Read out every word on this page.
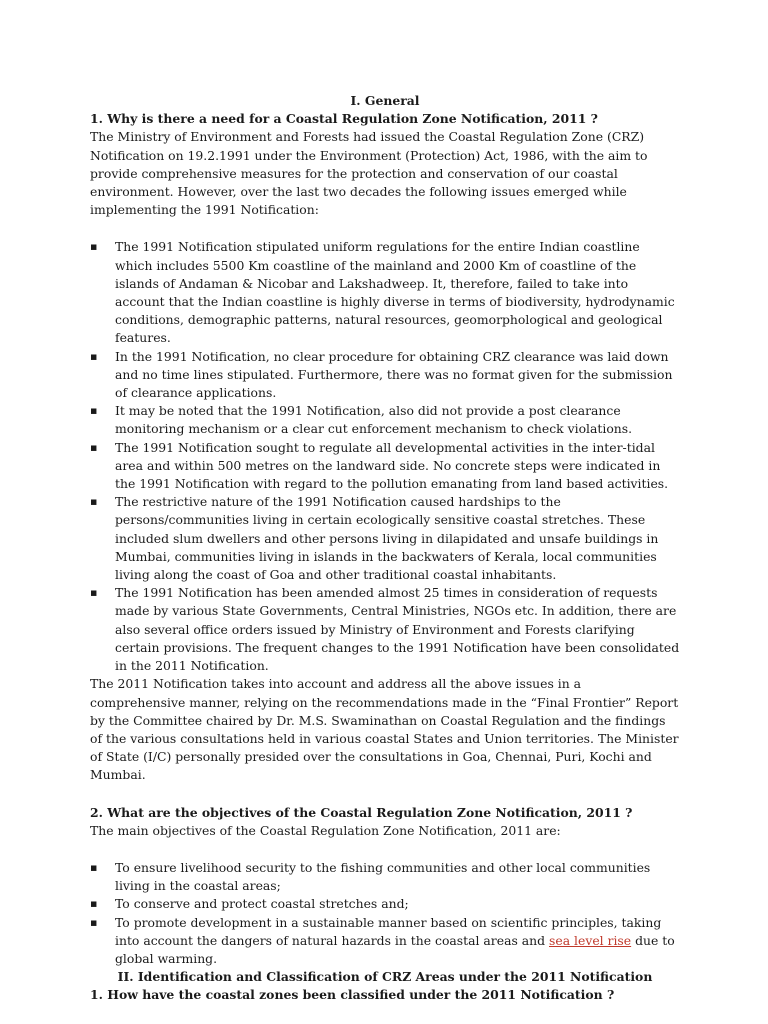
I. General

1. Why is there a need for a Coastal Regulation Zone Notification, 2011 ?

The Ministry of Environment and Forests had issued the Coastal Regulation Zone (CRZ) Notification on 19.2.1991 under the Environment (Protection) Act, 1986, with the aim to provide comprehensive measures for the protection and conservation of our coastal environment. However, over the last two decades the following issues emerged while implementing the 1991 Notification:

▪ The 1991 Notification stipulated uniform regulations for the entire Indian coastline which includes 5500 Km coastline of the mainland and 2000 Km of coastline of the islands of Andaman & Nicobar and Lakshadweep. It, therefore, failed to take into account that the Indian coastline is highly diverse in terms of biodiversity, hydrodynamic conditions, demographic patterns, natural resources, geomorphological and geological features.
▪ In the 1991 Notification, no clear procedure for obtaining CRZ clearance was laid down and no time lines stipulated. Furthermore, there was no format given for the submission of clearance applications.
▪ It may be noted that the 1991 Notification, also did not provide a post clearance monitoring mechanism or a clear cut enforcement mechanism to check violations.
▪ The 1991 Notification sought to regulate all developmental activities in the inter-tidal area and within 500 metres on the landward side. No concrete steps were indicated in the 1991 Notification with regard to the pollution emanating from land based activities.
▪ The restrictive nature of the 1991 Notification caused hardships to the persons/communities living in certain ecologically sensitive coastal stretches. These included slum dwellers and other persons living in dilapidated and unsafe buildings in Mumbai, communities living in islands in the backwaters of Kerala, local communities living along the coast of Goa and other traditional coastal inhabitants.
▪ The 1991 Notification has been amended almost 25 times in consideration of requests made by various State Governments, Central Ministries, NGOs etc. In addition, there are also several office orders issued by Ministry of Environment and Forests clarifying certain provisions. The frequent changes to the 1991 Notification have been consolidated in the 2011 Notification.

The 2011 Notification takes into account and address all the above issues in a comprehensive manner, relying on the recommendations made in the “Final Frontier” Report by the Committee chaired by Dr. M.S. Swaminathan on Coastal Regulation and the findings of the various consultations held in various coastal States and Union territories. The Minister of State (I/C) personally presided over the consultations in Goa, Chennai, Puri, Kochi and Mumbai.

2. What are the objectives of the Coastal Regulation Zone Notification, 2011 ?

The main objectives of the Coastal Regulation Zone Notification, 2011 are:

▪ To ensure livelihood security to the fishing communities and other local communities living in the coastal areas;
▪ To conserve and protect coastal stretches and;
▪ To promote development in a sustainable manner based on scientific principles, taking into account the dangers of natural hazards in the coastal areas and sea level rise due to global warming.
II. Identification and Classification of CRZ Areas under the 2011 Notification

1. How have the coastal zones been classified under the 2011 Notification ?
